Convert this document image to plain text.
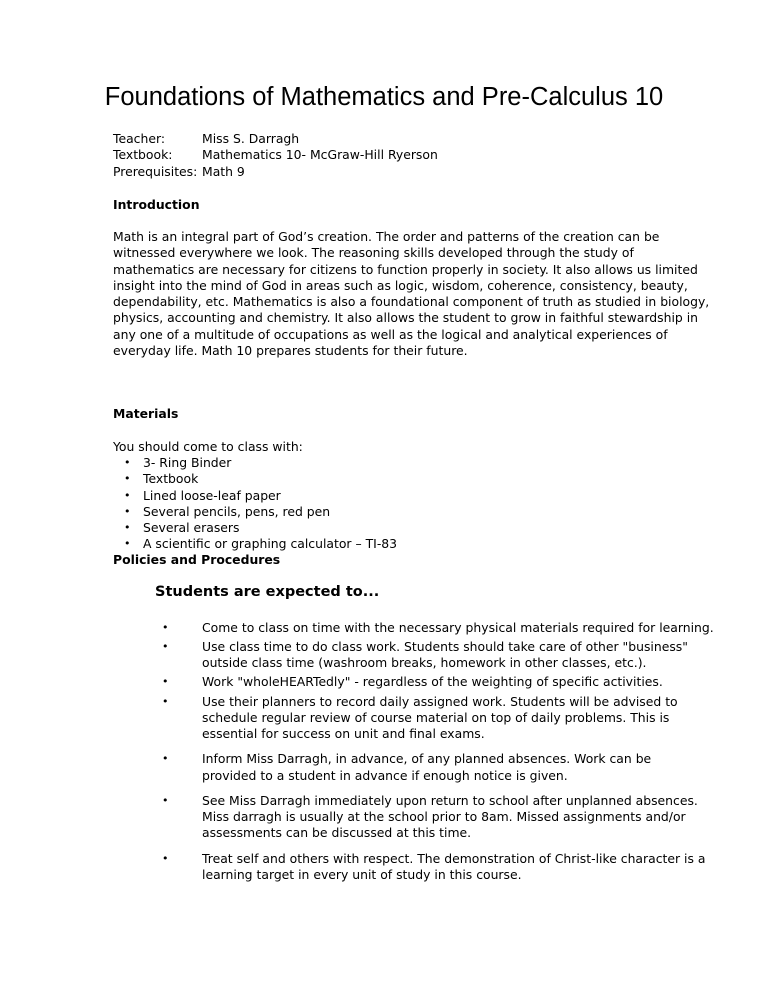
Foundations of Mathematics and Pre-Calculus 10
Teacher:	Miss S. Darragh
Textbook:	Mathematics 10- McGraw-Hill Ryerson
Prerequisites: Math 9
Introduction
Math is an integral part of God’s creation. The order and patterns of the creation can be
witnessed everywhere we look. The reasoning skills developed through the study of
mathematics are necessary for citizens to function properly in society. It also allows us limited
insight into the mind of God in areas such as logic, wisdom, coherence, consistency, beauty,
dependability, etc. Mathematics is also a foundational component of truth as studied in biology,
physics, accounting and chemistry. It also allows the student to grow in faithful stewardship in
any one of a multitude of occupations as well as the logical and analytical experiences of
everyday life. Math 10 prepares students for their future.
Materials

You should come to class with:

• 3- Ring Binder
• Textbook
• Lined loose-leaf paper
• Several pencils, pens, red pen
• Several erasers
• A scientific or graphing calculator – TI-83
Policies and Procedures
Students are expected to...
•	Come to class on time with the necessary physical materials required for learning.
•	Use class time to do class work. Students should take care of other "business"
outside class time (washroom breaks, homework in other classes, etc.).
•	Work "wholeHEARTedly" - regardless of the weighting of specific activities.
•	Use their planners to record daily assigned work. Students will be advised to
schedule regular review of course material on top of daily problems. This is
essential for success on unit and final exams.
•	Inform Miss Darragh, in advance, of any planned absences. Work can be
provided to a student in advance if enough notice is given.
•	See Miss Darragh immediately upon return to school after unplanned absences.
Miss darragh is usually at the school prior to 8am. Missed assignments and/or
assessments can be discussed at this time.
•	Treat self and others with respect. The demonstration of Christ-like character is a
learning target in every unit of study in this course.
